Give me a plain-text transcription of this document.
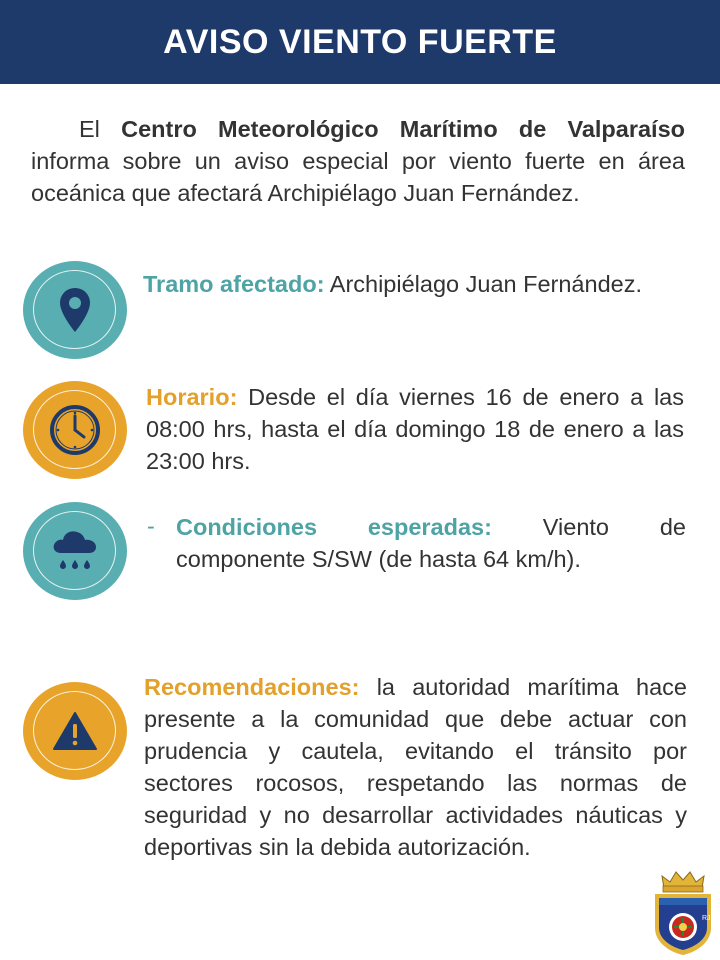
AVISO VIENTO FUERTE
El Centro Meteorológico Marítimo de Valparaíso informa sobre un aviso especial por viento fuerte en área oceánica que afectará Archipiélago Juan Fernández.
Tramo afectado: Archipiélago Juan Fernández.
Horario: Desde el día viernes 16 de enero a las 08:00 hrs, hasta el día domingo 18 de enero a las 23:00 hrs.
- Condiciones esperadas: Viento de componente S/SW (de hasta 64 km/h).
Recomendaciones: la autoridad marítima hace presente a la comunidad que debe actuar con prudencia y cautela, evitando el tránsito por sectores rocosos, respetando las normas de seguridad y no desarrollar actividades náuticas y deportivas sin la debida autorización.
RJ
